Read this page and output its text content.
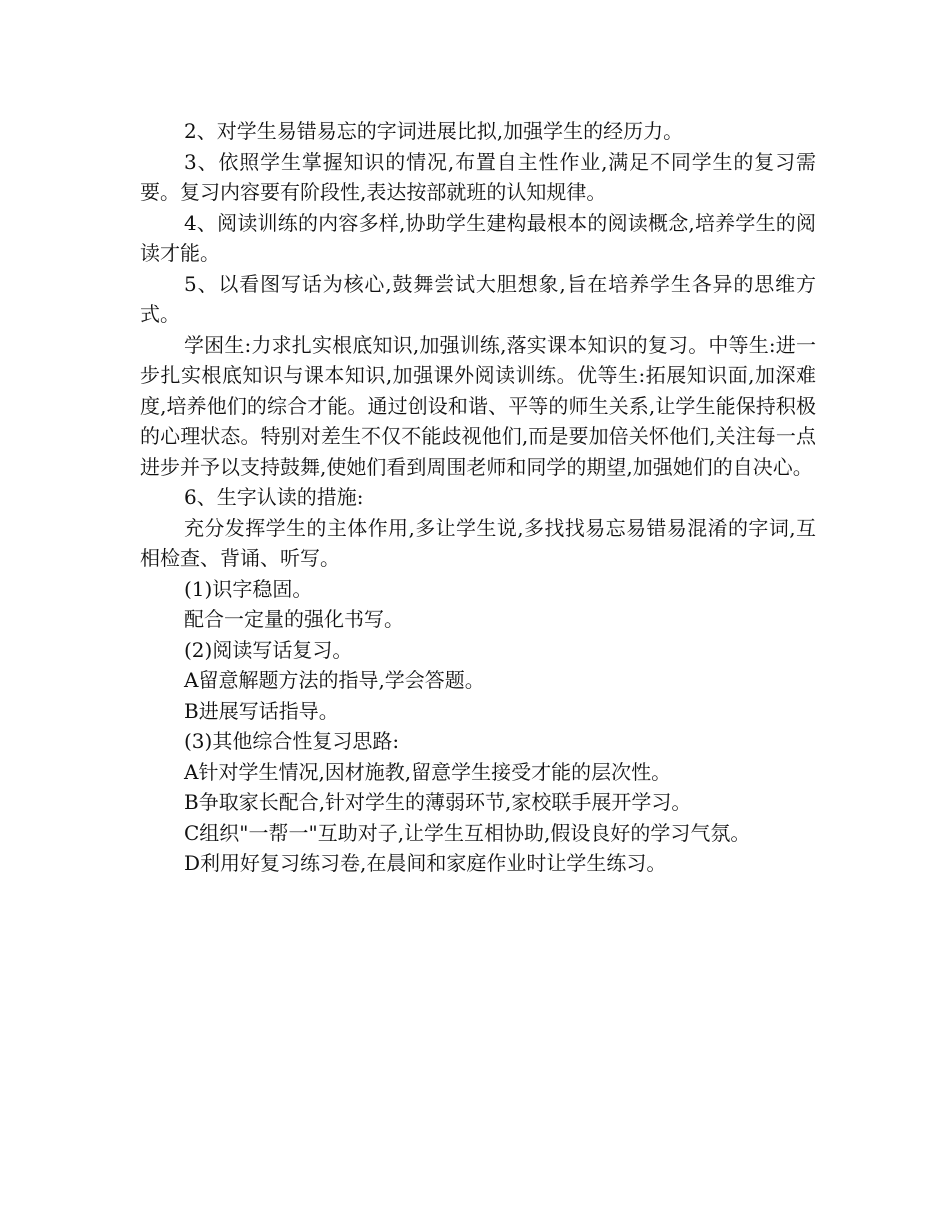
2、对学生易错易忘的字词进展比拟,加强学生的经历力。

3、依照学生掌握知识的情况,布置自主性作业,满足不同学生的复习需要。复习内容要有阶段性,表达按部就班的认知规律。

4、阅读训练的内容多样,协助学生建构最根本的阅读概念,培养学生的阅读才能。

5、以看图写话为核心,鼓舞尝试大胆想象,旨在培养学生各异的思维方式。

学困生:力求扎实根底知识,加强训练,落实课本知识的复习。中等生:进一步扎实根底知识与课本知识,加强课外阅读训练。优等生:拓展知识面,加深难度,培养他们的综合才能。通过创设和谐、平等的师生关系,让学生能保持积极的心理状态。特别对差生不仅不能歧视他们,而是要加倍关怀他们,关注每一点进步并予以支持鼓舞,使她们看到周围老师和同学的期望,加强她们的自决心。

6、生字认读的措施:

充分发挥学生的主体作用,多让学生说,多找找易忘易错易混淆的字词,互相检查、背诵、听写。

(1)识字稳固。

配合一定量的强化书写。

(2)阅读写话复习。

A留意解题方法的指导,学会答题。

B进展写话指导。

(3)其他综合性复习思路:

A针对学生情况,因材施教,留意学生接受才能的层次性。

B争取家长配合,针对学生的薄弱环节,家校联手展开学习。

C组织"一帮一"互助对子,让学生互相协助,假设良好的学习气氛。

D利用好复习练习卷,在晨间和家庭作业时让学生练习。
